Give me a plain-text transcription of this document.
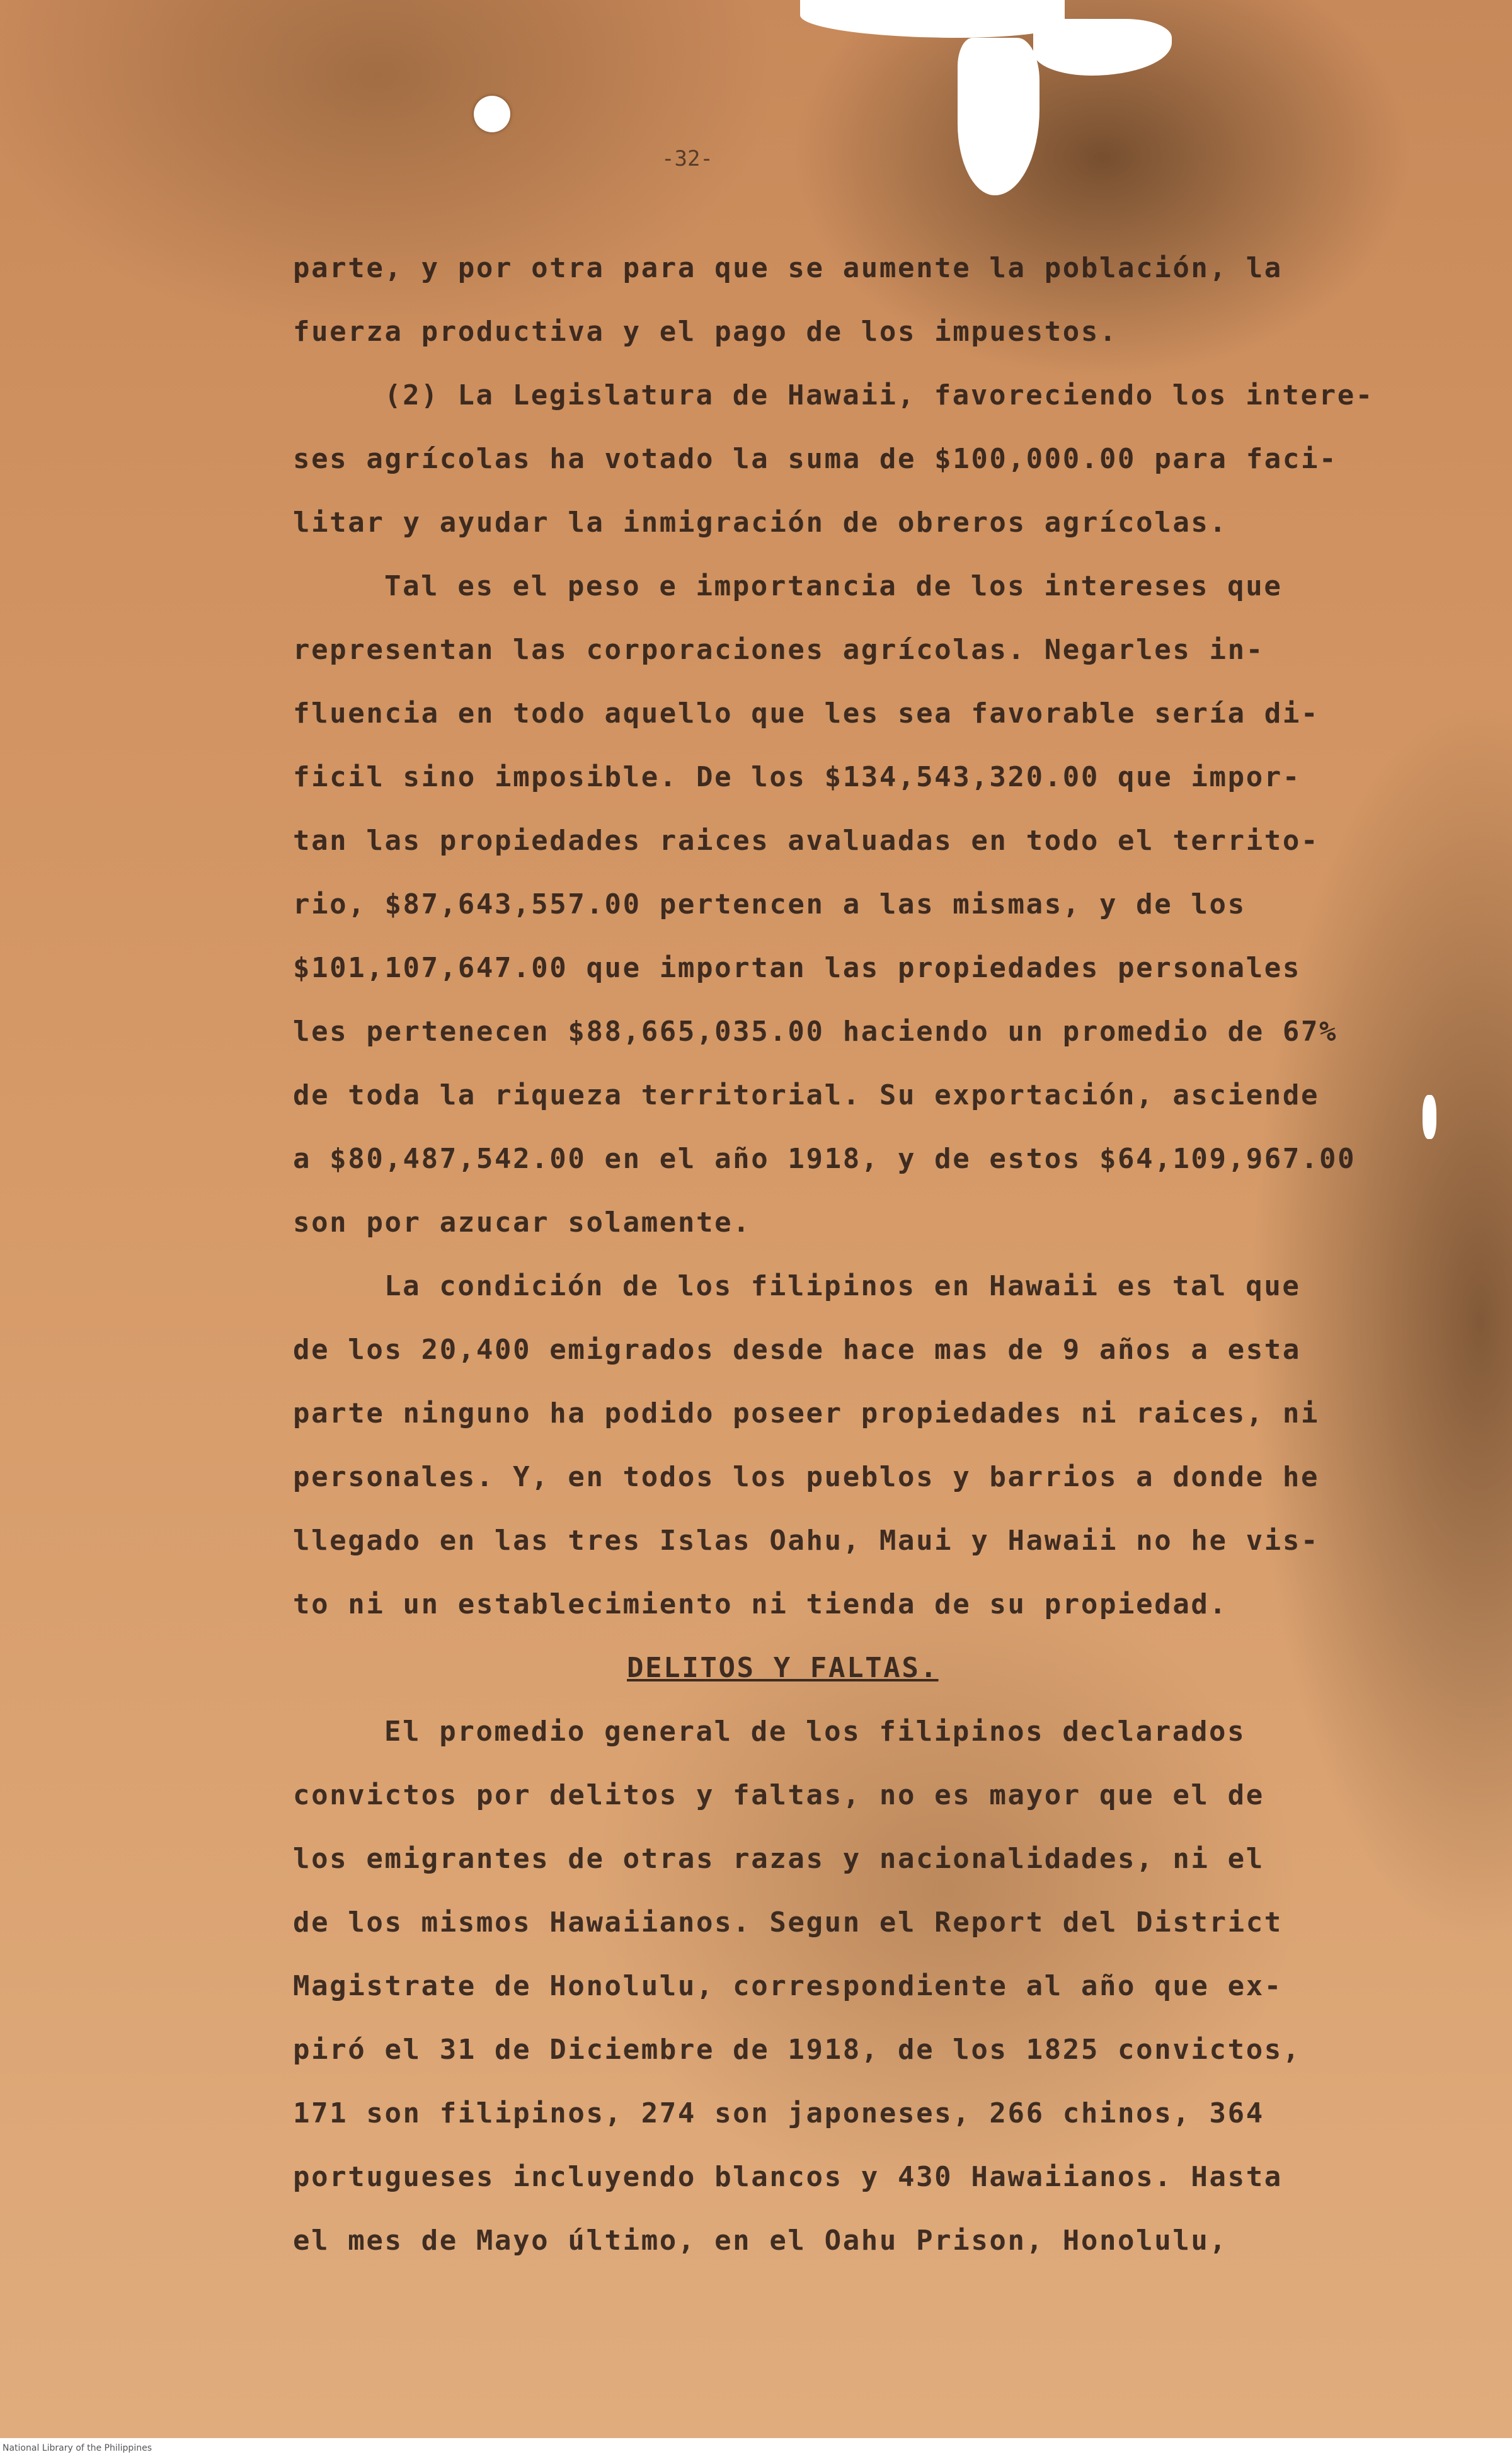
-32-
parte, y por otra para que se aumente la población, la
fuerza productiva y el pago de los impuestos.
(2) La Legislatura de Hawaii, favoreciendo los intere-
ses agrícolas ha votado la suma de $100,000.00 para faci-
litar y ayudar la inmigración de obreros agrícolas.
Tal es el peso e importancia de los intereses que
representan las corporaciones agrícolas. Negarles in-
fluencia en todo aquello que les sea favorable sería di-
ficil sino imposible. De los $134,543,320.00 que impor-
tan las propiedades raices avaluadas en todo el territo-
rio, $87,643,557.00 pertencen a las mismas, y de los
$101,107,647.00 que importan las propiedades personales
les pertenecen $88,665,035.00 haciendo un promedio de 67%
de toda la riqueza territorial. Su exportación, asciende
a $80,487,542.00 en el año 1918, y de estos $64,109,967.00
son por azucar solamente.
La condición de los filipinos en Hawaii es tal que
de los 20,400 emigrados desde hace mas de 9 años a esta
parte ninguno ha podido poseer propiedades ni raices, ni
personales. Y, en todos los pueblos y barrios a donde he
llegado en las tres Islas Oahu, Maui y Hawaii no he vis-
to ni un establecimiento ni tienda de su propiedad.
DELITOS Y FALTAS.
El promedio general de los filipinos declarados
convictos por delitos y faltas, no es mayor que el de
los emigrantes de otras razas y nacionalidades, ni el
de los mismos Hawaiianos. Segun el Report del District
Magistrate de Honolulu, correspondiente al año que ex-
piró el 31 de Diciembre de 1918, de los 1825 convictos,
171 son filipinos, 274 son japoneses, 266 chinos, 364
portugueses incluyendo blancos y 430 Hawaiianos. Hasta
el mes de Mayo último, en el Oahu Prison, Honolulu,
National Library of the Philippines
